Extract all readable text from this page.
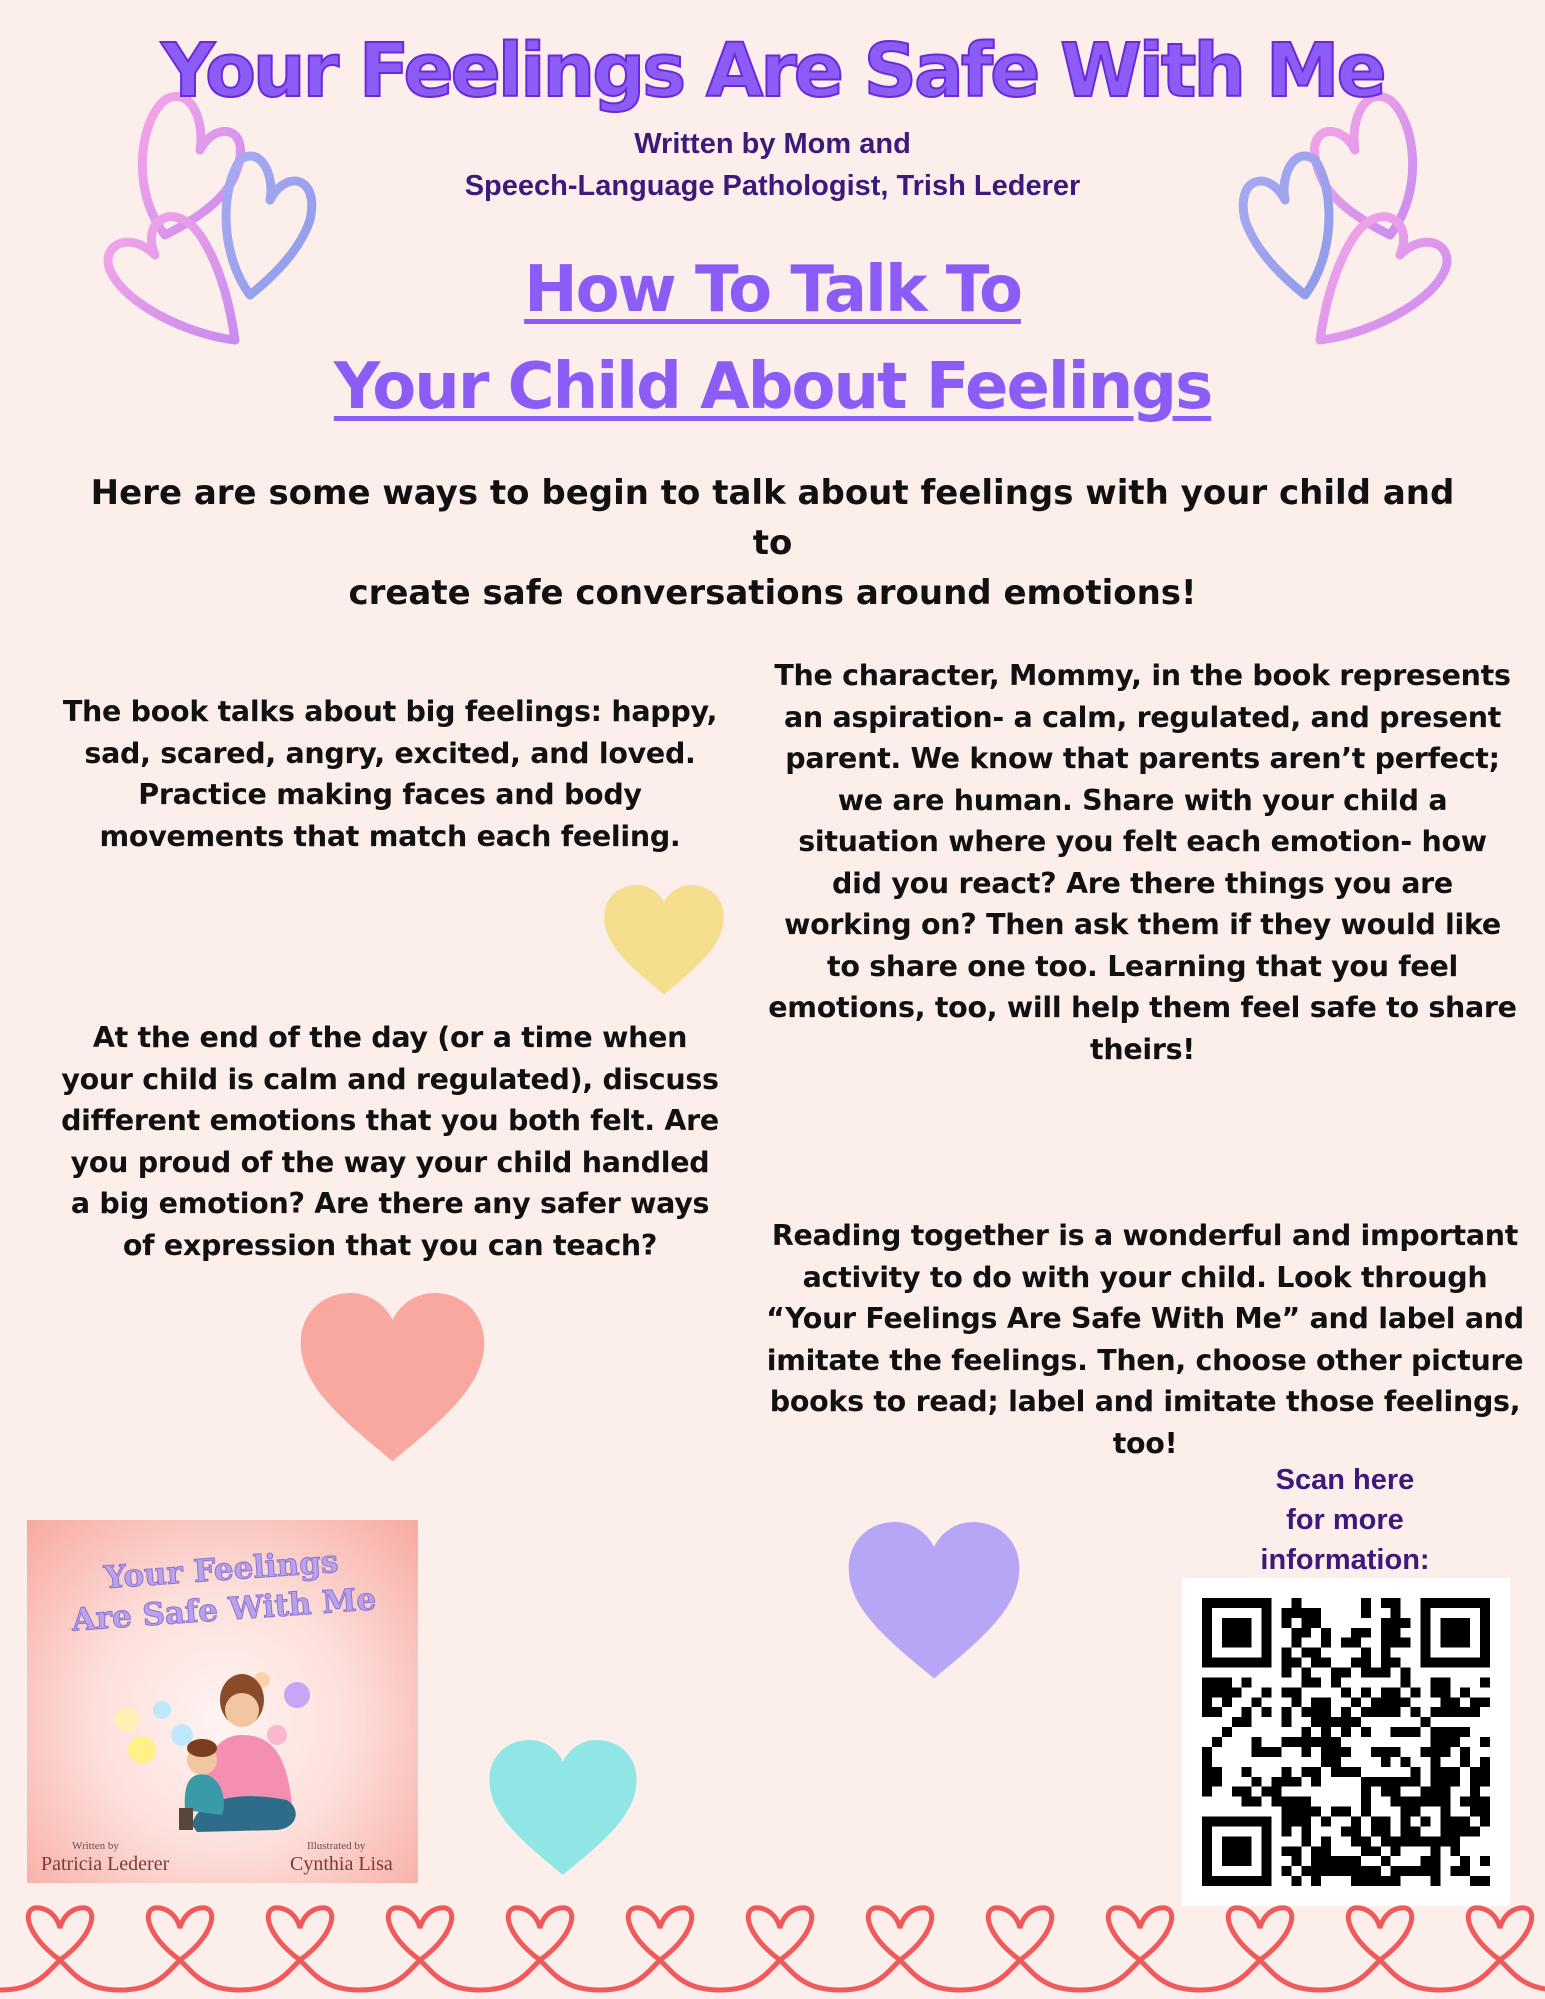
Your Feelings Are Safe With Me
Written by Mom and
Speech-Language Pathologist, Trish Lederer
How To Talk To
Your Child About Feelings
Here are some ways to begin to talk about feelings with your child and to
create safe conversations around emotions!
The book talks about big feelings: happy,
sad, scared, angry, excited, and loved.
Practice making faces and body
movements that match each feeling.
At the end of the day (or a time when
your child is calm and regulated), discuss
different emotions that you both felt. Are
you proud of the way your child handled
a big emotion? Are there any safer ways
of expression that you can teach?
The character, Mommy, in the book represents
an aspiration- a calm, regulated, and present
parent. We know that parents aren’t perfect;
we are human. Share with your child a
situation where you felt each emotion- how
did you react? Are there things you are
working on? Then ask them if they would like
to share one too. Learning that you feel
emotions, too, will help them feel safe to share
theirs!
Reading together is a wonderful and important
activity to do with your child. Look through
“Your Feelings Are Safe With Me” and label and
imitate the feelings. Then, choose other picture
books to read; label and imitate those feelings,
too!
Scan here
for more
information:
Your Feelings
Are Safe With Me
Written by
Patricia Lederer
Illustrated by
Cynthia Lisa
